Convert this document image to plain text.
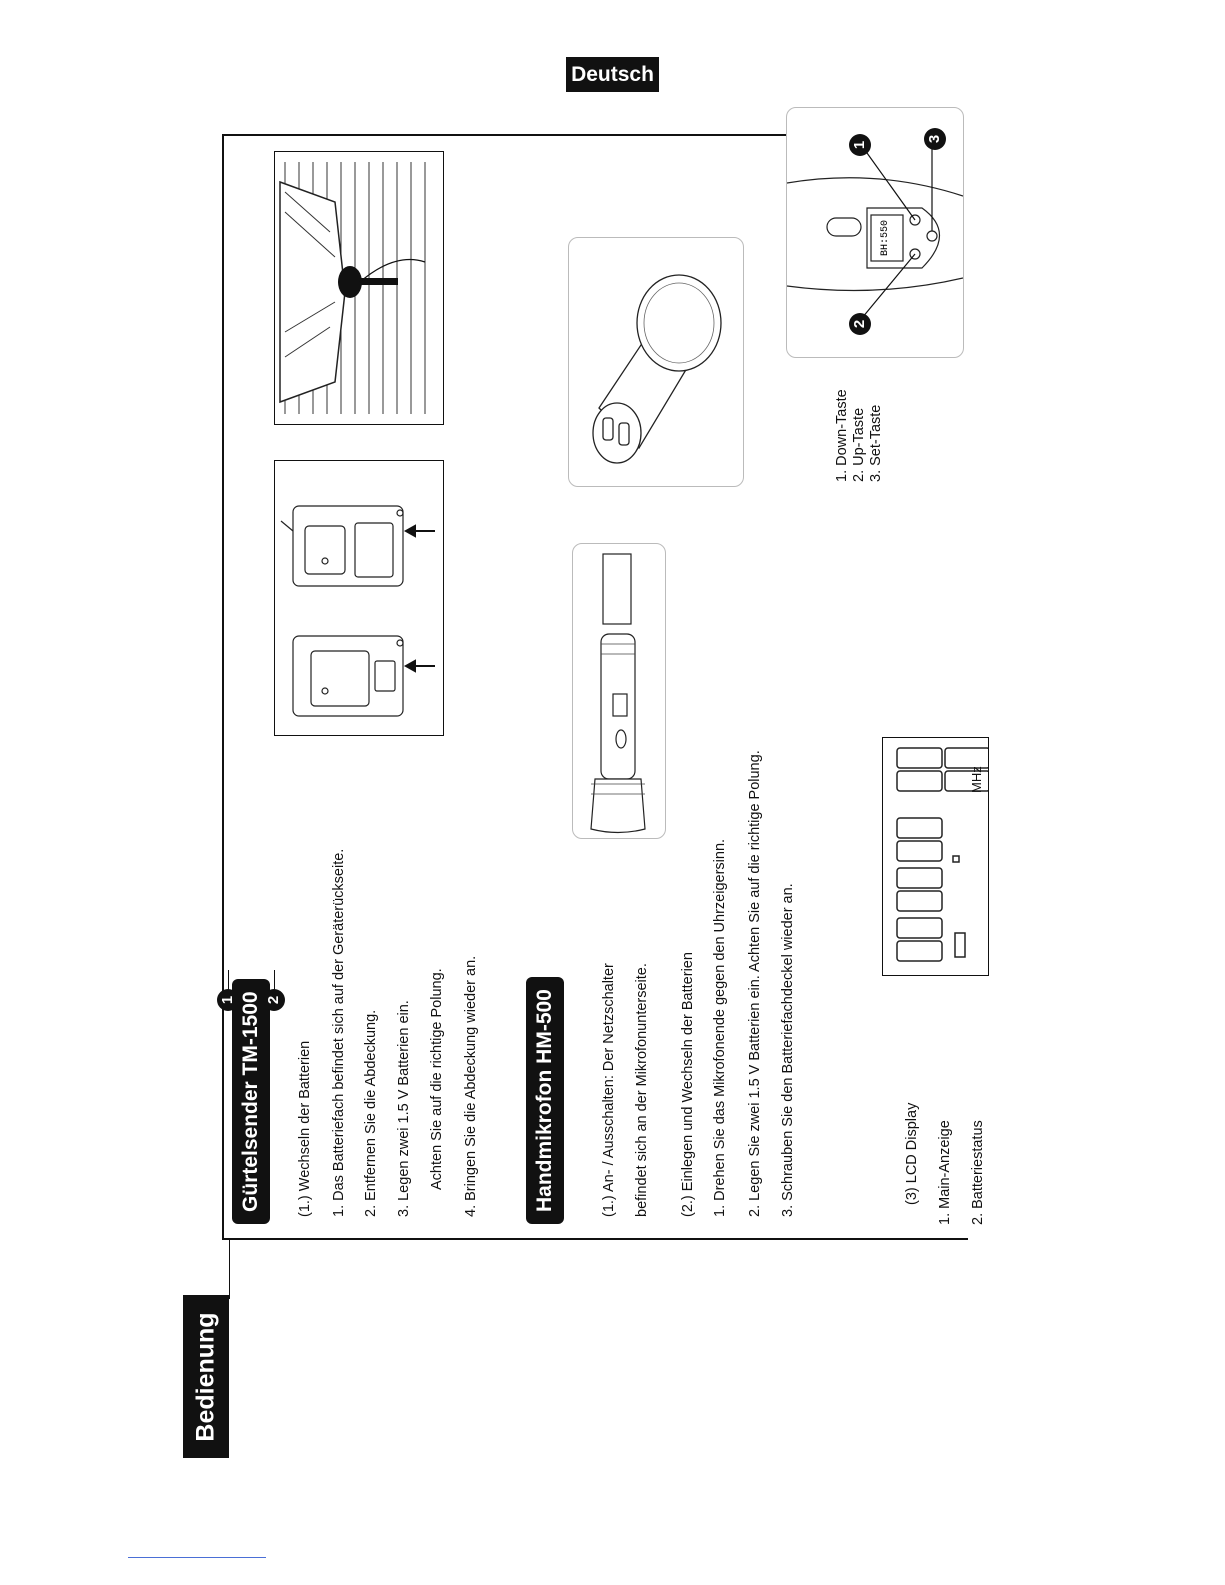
Deutsch
Bedienung
Gürtelsender TM-1500	(1.) Wechseln der Batterien 1. Das Batteriefach befindet sich auf der Geräterückseite. 2. Entfernen Sie die Abdeckung. 3. Legen zwei 1.5 V Batterien ein. Achten Sie auf die richtige Polung. 4. Bringen Sie die Abdeckung wieder an.	Handmikrofon HM-500	(1.) An- / Ausschalten: Der Netzschalter befindet sich an der Mikrofonunterseite. (2.) Einlegen und Wechseln der Batterien 1. Drehen Sie das Mikrofonende gegen den Uhrzeigersinn. 2. Legen Sie zwei 1.5 V Batterien ein. Achten Sie auf die richtige Polung. 3. Schrauben Sie den Batteriefachdeckel wieder an.	(3) LCD Display 1. Main-Anzeige 2. Batteriestatus
1. Down-Taste 2. Up-Taste 3. Set-Taste
MHz
1 2
BH:550
1
3
2
